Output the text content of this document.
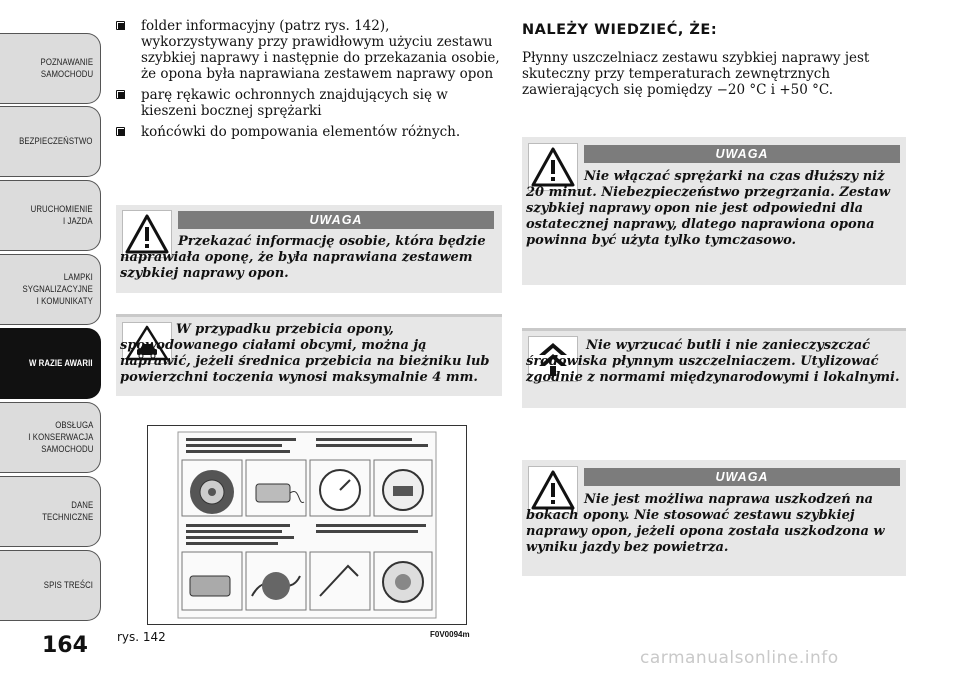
POZNAWANIE
SAMOCHODU
BEZPIECZEŃSTWO
URUCHOMIENIE
I JAZDA
LAMPKI
SYGNALIZACYJNE
I KOMUNIKATY
W RAZIE AWARII
OBSŁUGA
I KONSERWACJA
SAMOCHODU
DANE
TECHNICZNE
SPIS TREŚCI
164
folder informacyjny (patrz rys. 142), wykorzystywany przy prawidłowym użyciu zestawu szybkiej naprawy i następnie do przekazania osobie, że opona była naprawiana zestawem naprawy opon
parę rękawic ochronnych znajdujących się w kieszeni bocznej sprężarki
końcówki do pompowania elementów różnych.
UWAGA
Przekazać informację osobie, która będzie naprawiała oponę, że była naprawiana zestawem szybkiej naprawy opon.
W przypadku przebicia opony, spowodowanego ciałami obcymi, można ją naprawić, jeżeli średnica przebicia na bieżniku lub powierzchni toczenia wynosi maksymalnie 4 mm.
rys. 142	F0V0094m
NALEŻY WIEDZIEĆ, ŻE:
Płynny uszczelniacz zestawu szybkiej naprawy jest skuteczny przy temperaturach zewnętrznych zawierających się pomiędzy −20 °C i +50 °C.
UWAGA
Nie włączać sprężarki na czas dłuższy niż 20 minut. Niebezpieczeństwo przegrzania. Zestaw szybkiej naprawy opon nie jest odpowiedni dla ostatecznej naprawy, dlatego naprawiona opona powinna być użyta tylko tymczasowo.
Nie wyrzucać butli i nie zanieczyszczać środowiska płynnym uszczelniaczem. Utylizować zgodnie z normami międzynarodowymi i lokalnymi.
UWAGA
Nie jest możliwa naprawa uszkodzeń na bokach opony. Nie stosować zestawu szybkiej naprawy opon, jeżeli opona została uszkodzona w wyniku jazdy bez powietrza.
carmanualsonline.info
